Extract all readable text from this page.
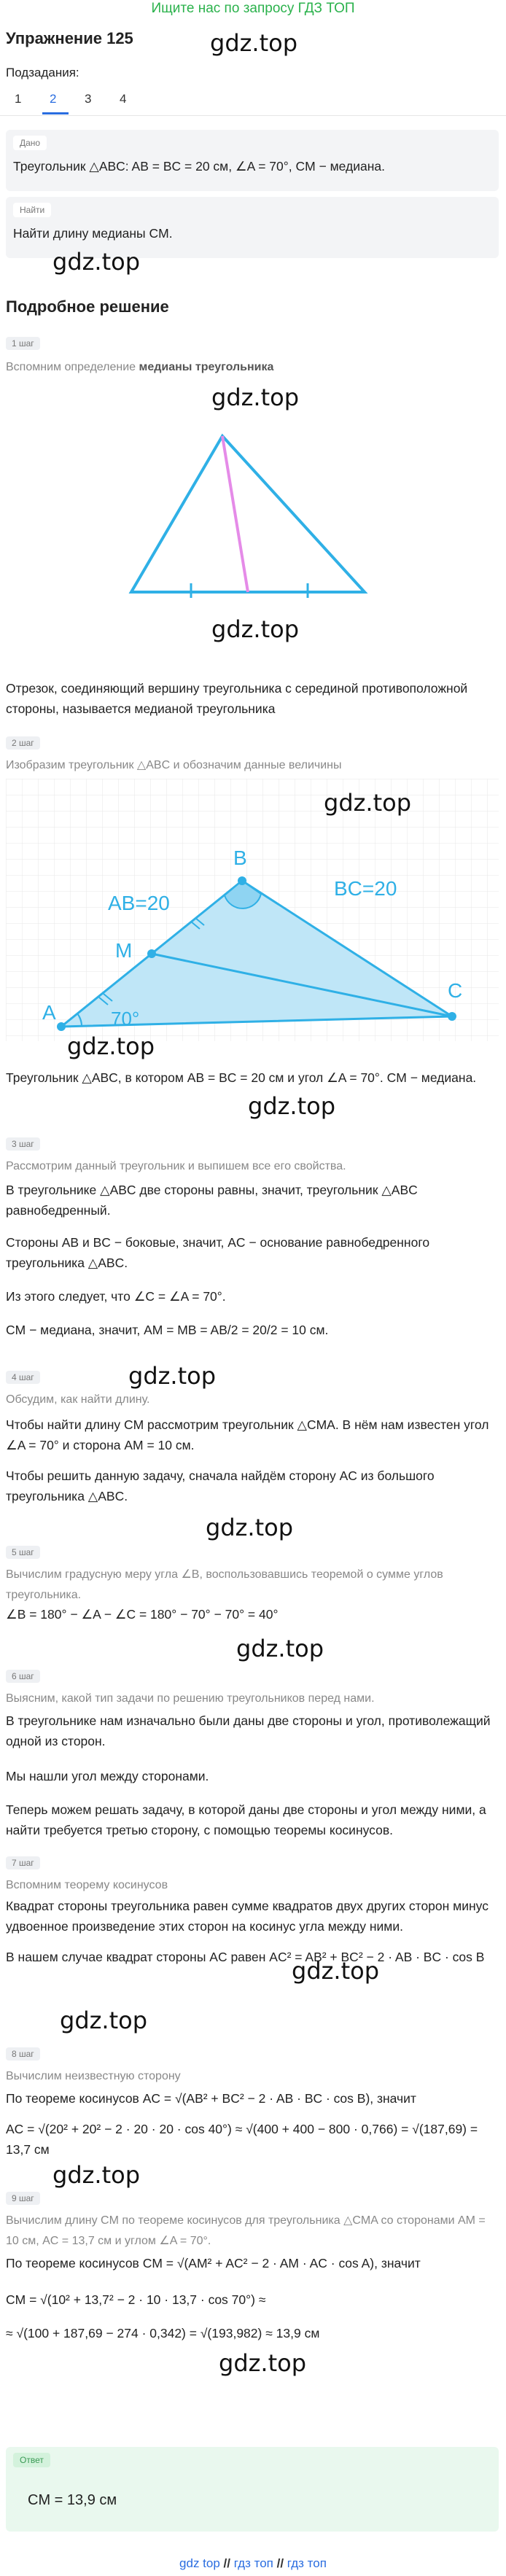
Ищите нас по запросу ГДЗ ТОП
Упражнение 125	gdz.top
Подзадания:
1 2 3 4
Дано
Треугольник △ABC: AB = BC = 20 см, ∠A = 70°, CM − медиана.
Найти
Найти длину медианы CM.
gdz.top
Подробное решение
1 шаг
Вспомним определение медианы треугольника
gdz.top
gdz.top
Отрезок, соединяющий вершину треугольника с серединой противоположной стороны, называется медианой треугольника
2 шаг
Изобразим треугольник △ABC и обозначим данные величины
A
B
C
M
AB=20
BC=20
70°
gdz.top
gdz.top
Треугольник △ABC, в котором AB = BC = 20 см и угол ∠A = 70°. CM − медиана.
gdz.top
3 шаг
Рассмотрим данный треугольник и выпишем все его свойства.
В треугольнике △ABC две стороны равны, значит, треугольник △ABC равнобедренный.
Стороны AB и BC − боковые, значит, AC − основание равнобедренного треугольника △ABC.
Из этого следует, что ∠C = ∠A = 70°.
CM − медиана, значит, AM = MB = AB/2 = 20/2 = 10 см.
gdz.top
4 шаг
Обсудим, как найти длину.
Чтобы найти длину CM рассмотрим треугольник △CMA. В нём нам известен угол ∠A = 70° и сторона AM = 10 см.
Чтобы решить данную задачу, сначала найдём сторону AC из большого треугольника △ABC.
gdz.top
5 шаг
Вычислим градусную меру угла ∠B, воспользовавшись теоремой о сумме углов треугольника.
∠B = 180° − ∠A − ∠C = 180° − 70° − 70° = 40°
gdz.top
6 шаг
Выясним, какой тип задачи по решению треугольников перед нами.
В треугольнике нам изначально были даны две стороны и угол, противолежащий одной из сторон.
Мы нашли угол между сторонами.
Теперь можем решать задачу, в которой даны две стороны и угол между ними, а найти требуется третью сторону, с помощью теоремы косинусов.
7 шаг
Вспомним теорему косинусов
Квадрат стороны треугольника равен сумме квадратов двух других сторон минус удвоенное произведение этих сторон на косинус угла между ними.
В нашем случае квадрат стороны AC равен AC² = AB² + BC² − 2 · AB · BC · cos B
gdz.top
gdz.top
8 шаг
Вычислим неизвестную сторону
По теореме косинусов AC = √(AB² + BC² − 2 · AB · BC · cos B), значит
AC = √(20² + 20² − 2 · 20 · 20 · cos 40°) ≈ √(400 + 400 − 800 · 0,766) = √(187,69) = 13,7 см
gdz.top
9 шаг
Вычислим длину CM по теореме косинусов для треугольника △CMA со сторонами AM = 10 см, AC = 13,7 см и углом ∠A = 70°.
По теореме косинусов CM = √(AM² + AC² − 2 · AM · AC · cos A), значит
CM = √(10² + 13,7² − 2 · 10 · 13,7 · cos 70°) ≈
≈ √(100 + 187,69 − 274 · 0,342) = √(193,982) ≈ 13,9 см
gdz.top
Ответ
CM = 13,9 см
gdz top // гдз топ // гдз топ
